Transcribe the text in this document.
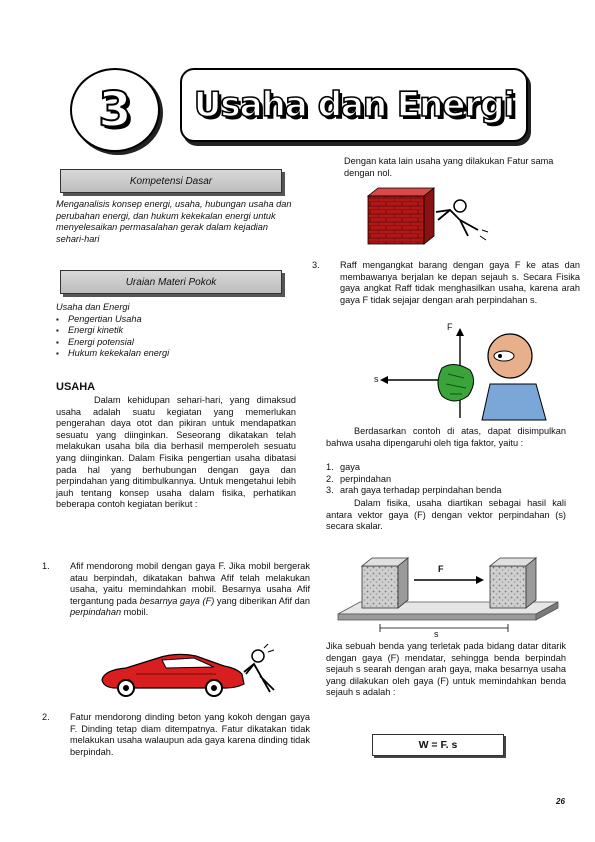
3 Usaha dan Energi
Kompetensi Dasar
Menganalisis konsep energi, usaha, hubungan usaha dan perubahan energi, dan hukum kekekalan energi untuk menyelesaikan permasalahan gerak dalam kejadian sehari-hari
Uraian Materi Pokok
Usaha dan Energi
▪ Pengertian Usaha
▪ Energi kinetik
▪ Energi potensial
▪ Hukum kekekalan energi
USAHA
Dalam kehidupan sehari-hari, yang dimaksud usaha adalah suatu kegiatan yang memerlukan pengerahan daya otot dan pikiran untuk mendapatkan sesuatu yang diinginkan. Seseorang dikatakan telah melakukan usaha bila dia berhasil memperoleh sesuatu yang diinginkan. Dalam Fisika pengertian usaha dibatasi pada hal yang berhubungan dengan gaya dan perpindahan yang ditimbulkannya. Untuk mengetahui lebih jauh tentang konsep usaha dalam fisika, perhatikan beberapa contoh kegiatan berikut :
1. Afif mendorong mobil dengan gaya F. Jika mobil bergerak atau berpindah, dikatakan bahwa Afif telah melakukan usaha, yaitu memindahkan mobil. Besarnya usaha Afif tergantung pada besarnya gaya (F) yang diberikan Afif dan perpindahan mobil.
2. Fatur mendorong dinding beton yang kokoh dengan gaya F. Dinding tetap diam ditempatnya. Fatur dikatakan tidak melakukan usaha walaupun ada gaya karena dinding tidak berpindah.
Dengan kata lain usaha yang dilakukan Fatur sama dengan nol.
3. Raff mengangkat barang dengan gaya F ke atas dan membawanya berjalan ke depan sejauh s. Secara Fisika gaya angkat Raff tidak menghasilkan usaha, karena arah gaya F tidak sejajar dengan arah perpindahan s.
F
s
Berdasarkan contoh di atas, dapat disimpulkan bahwa usaha dipengaruhi oleh tiga faktor, yaitu :
1. gaya
2. perpindahan
3. arah gaya terhadap perpindahan benda
Dalam fisika, usaha diartikan sebagai hasil kali antara vektor gaya (F) dengan vektor perpindahan (s) secara skalar.
F
s
Jika sebuah benda yang terletak pada bidang datar ditarik dengan gaya (F) mendatar, sehingga benda berpindah sejauh s searah dengan arah gaya, maka besarnya usaha yang dilakukan oleh gaya (F) untuk memindahkan benda sejauh s adalah :
W = F. s
26
